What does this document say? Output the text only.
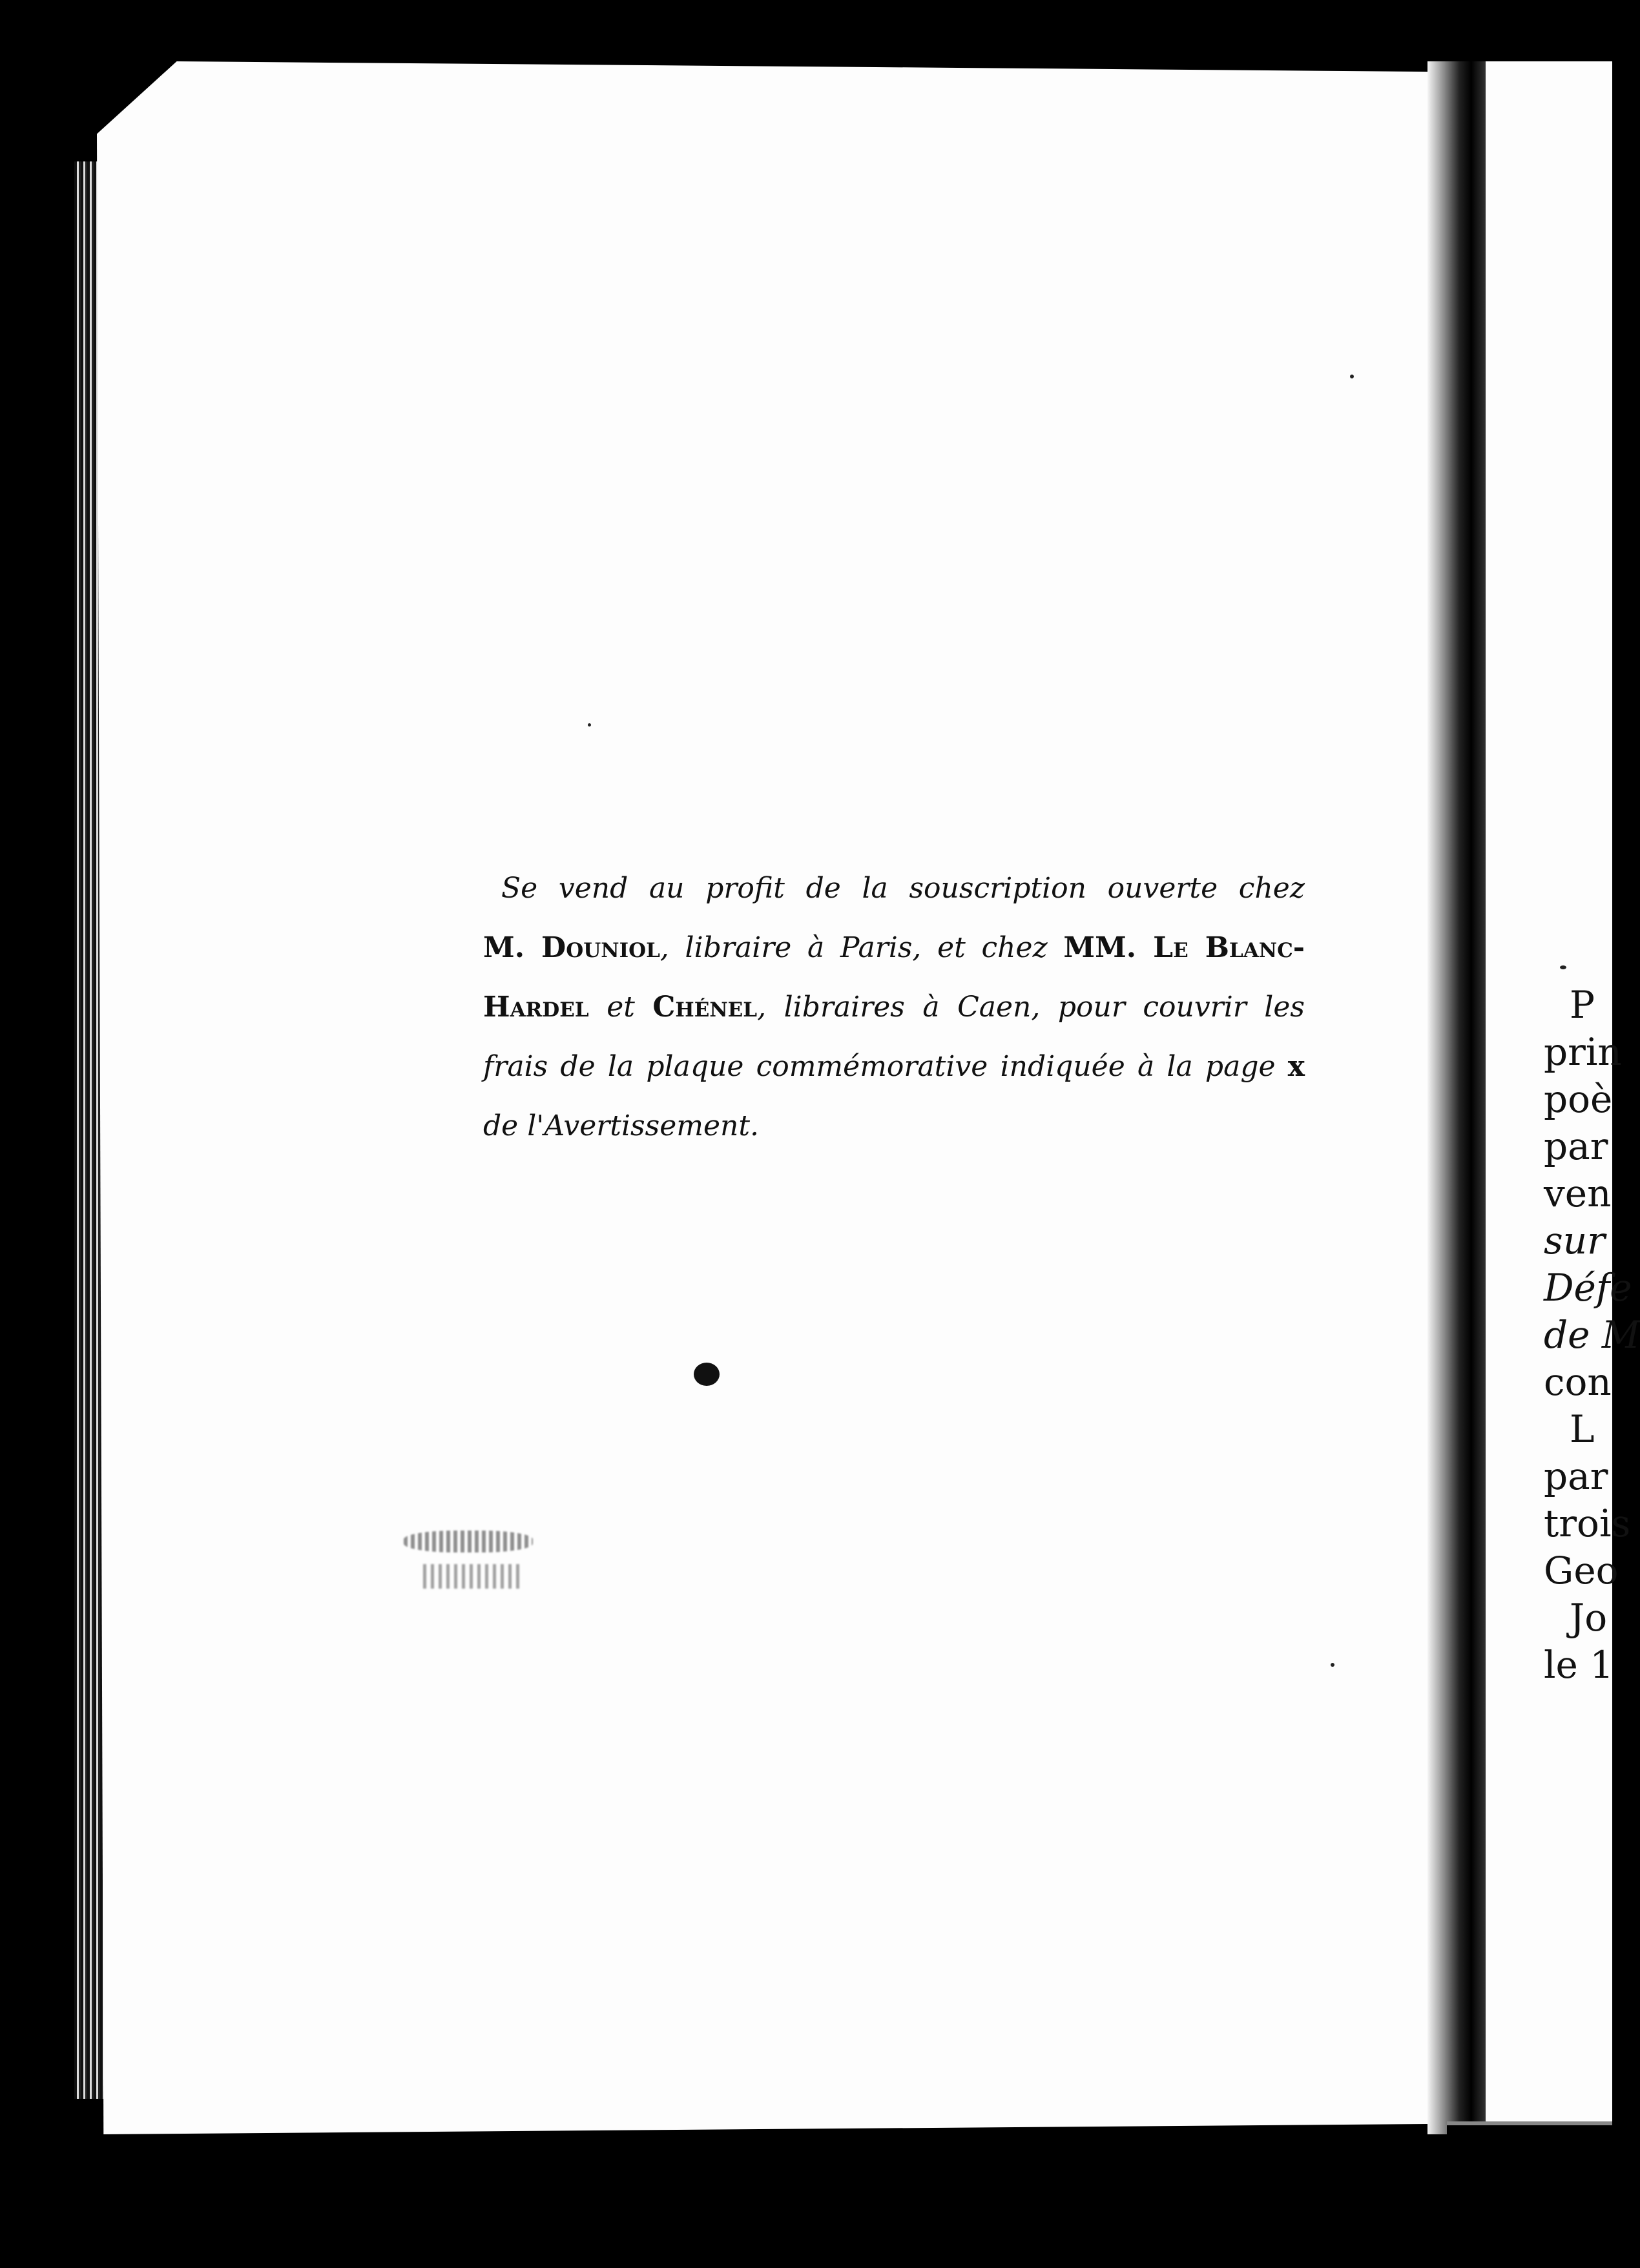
Se vend au profit de la souscription ouverte chez
M. Douniol, libraire à Paris, et chez MM. Le Blanc-
Hardel et Chénel, libraires à Caen, pour couvrir les
frais de la plaque commémorative indiquée à la page x
de l'Avertissement.
P
prin
poè
par
ven
sur
Défe
de M
con
L
par
trois
Geo
Jo
le 1
